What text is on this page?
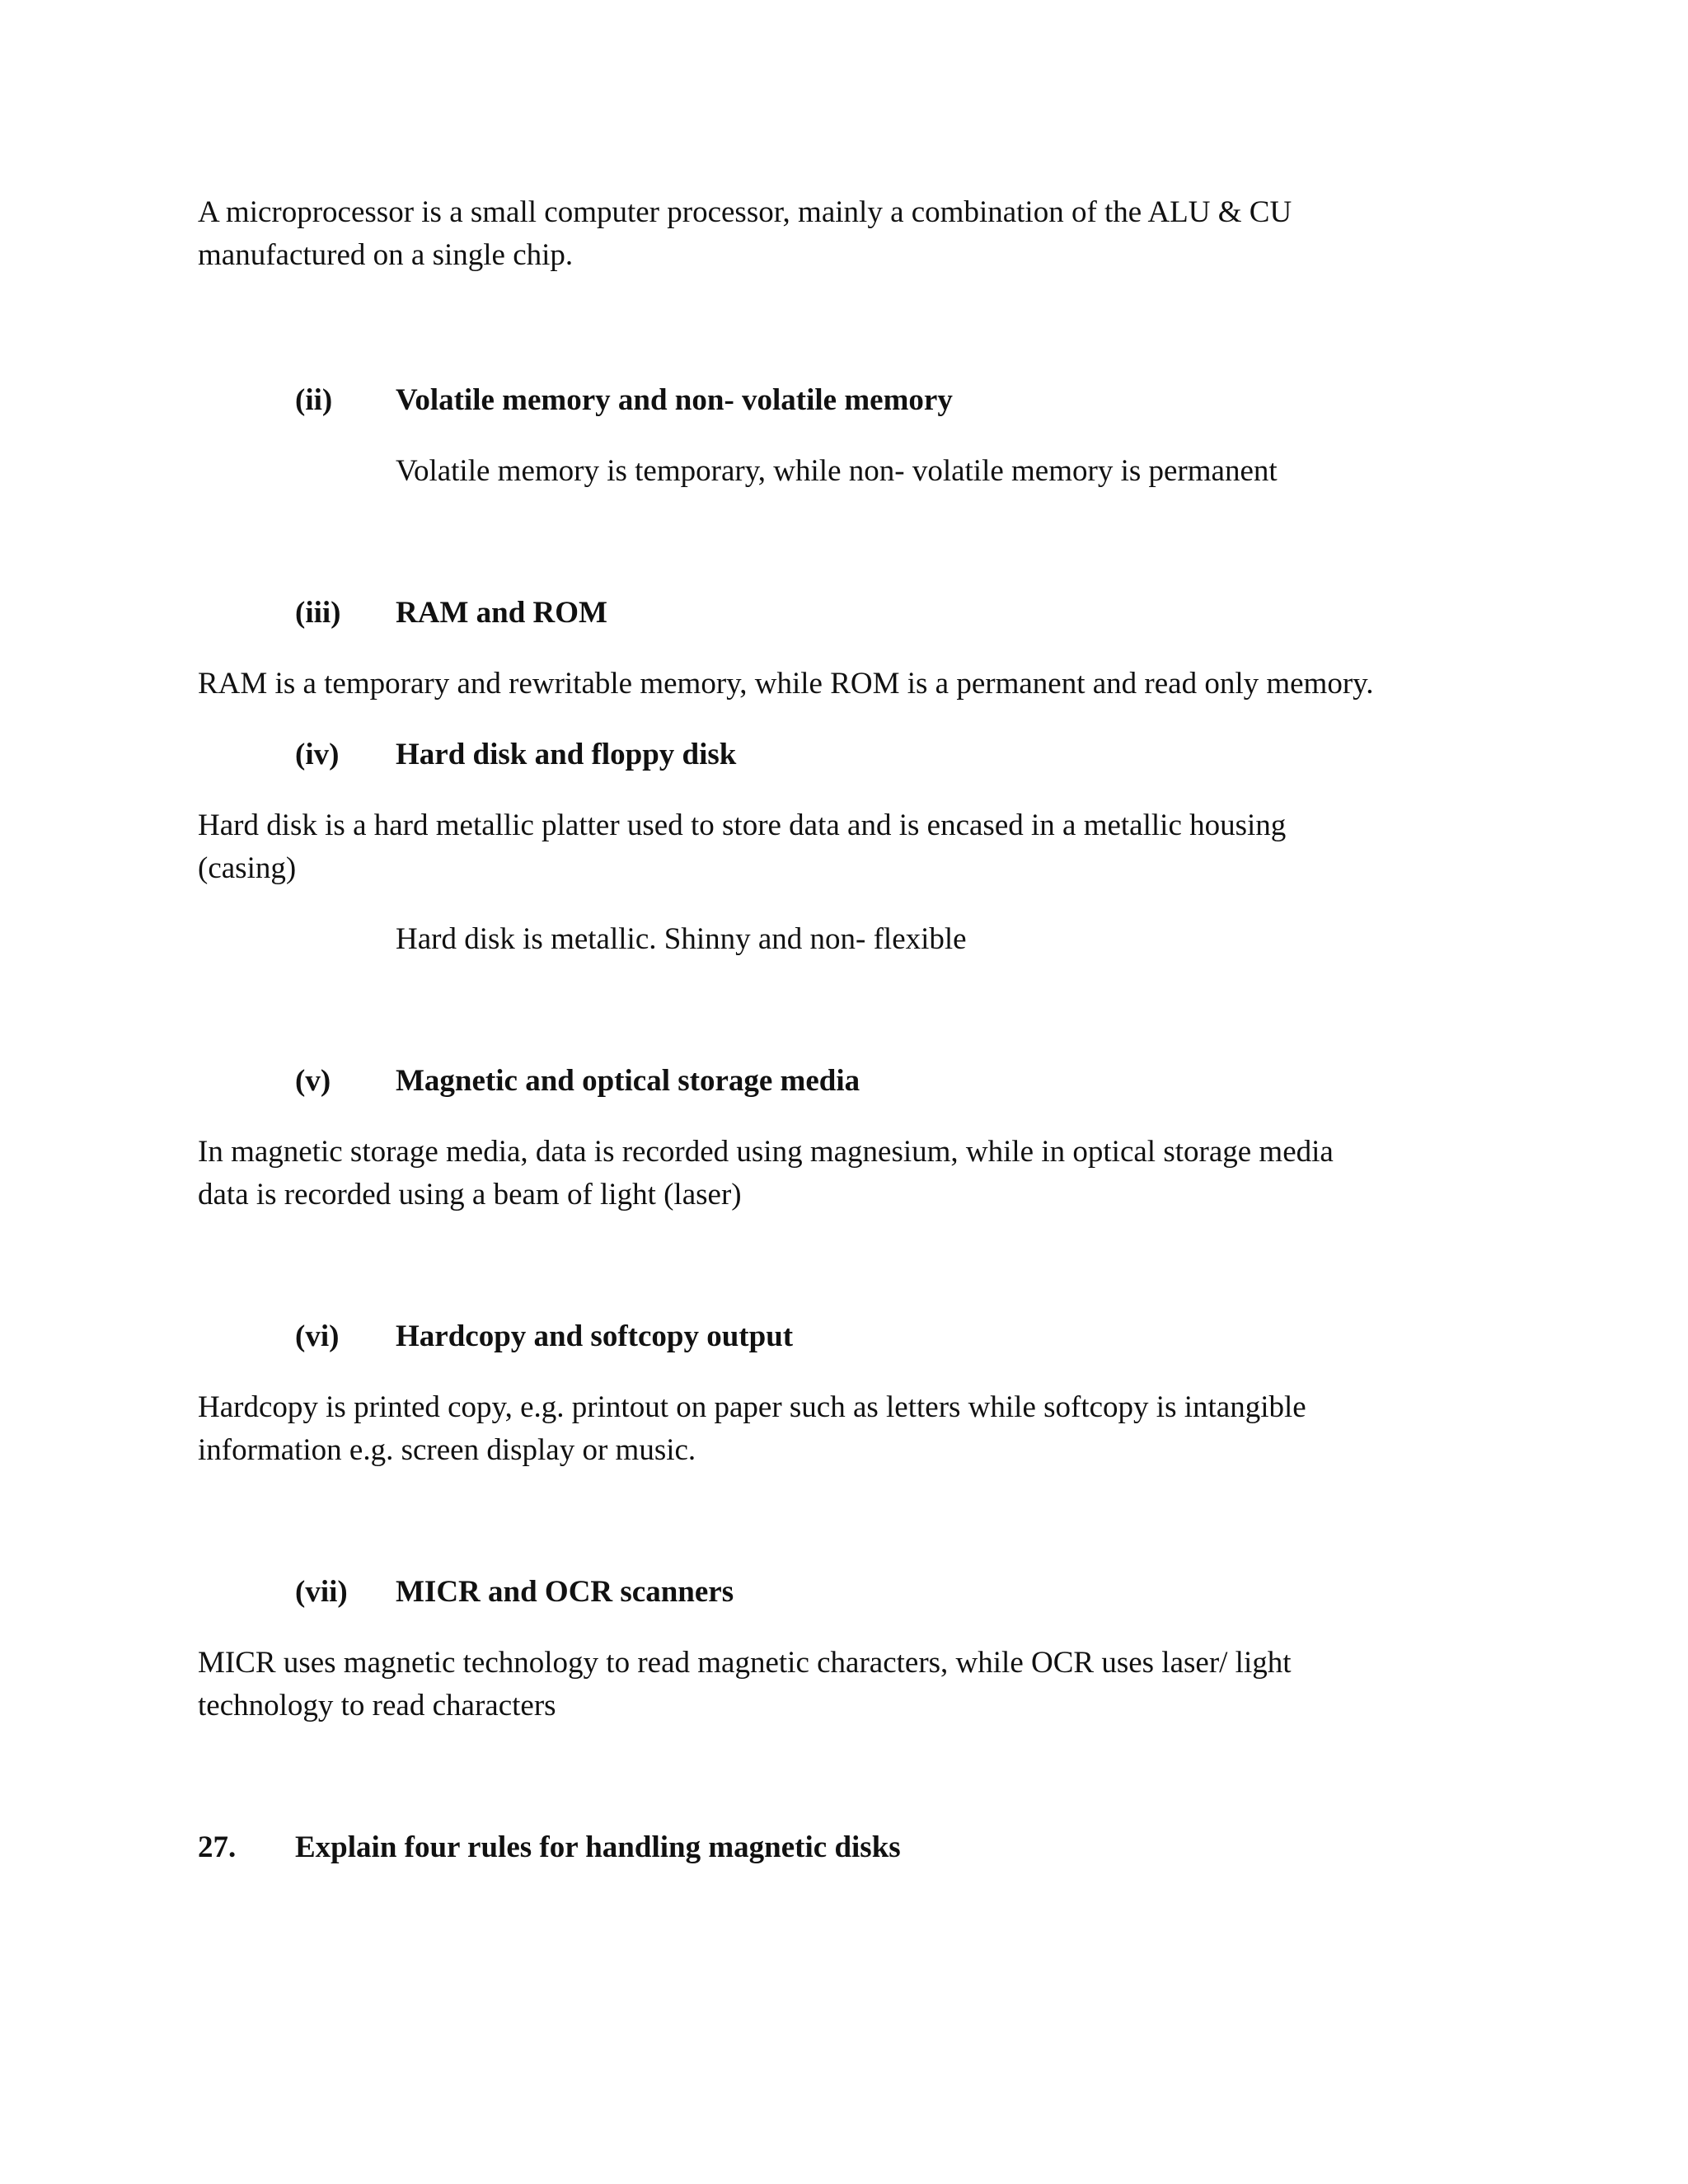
A microprocessor is a small computer processor, mainly a combination of the ALU & CU
manufactured on a single chip.
(ii) Volatile memory and non- volatile memory
Volatile memory is temporary, while non- volatile memory is permanent
(iii) RAM and ROM
RAM is a temporary and rewritable memory, while ROM is a permanent and read only memory.
(iv) Hard disk and floppy disk
Hard disk is a hard metallic platter used to store data and is encased in a metallic housing
(casing)
Hard disk is metallic. Shinny and non- flexible
(v) Magnetic and optical storage media
In magnetic storage media, data is recorded using magnesium, while in optical storage media
data is recorded using a beam of light (laser)
(vi) Hardcopy and softcopy output
Hardcopy is printed copy, e.g. printout on paper such as letters while softcopy is intangible
information e.g. screen display or music.
(vii) MICR and OCR scanners
MICR uses magnetic technology to read magnetic characters, while OCR uses laser/ light
technology to read characters
27. Explain four rules for handling magnetic disks
